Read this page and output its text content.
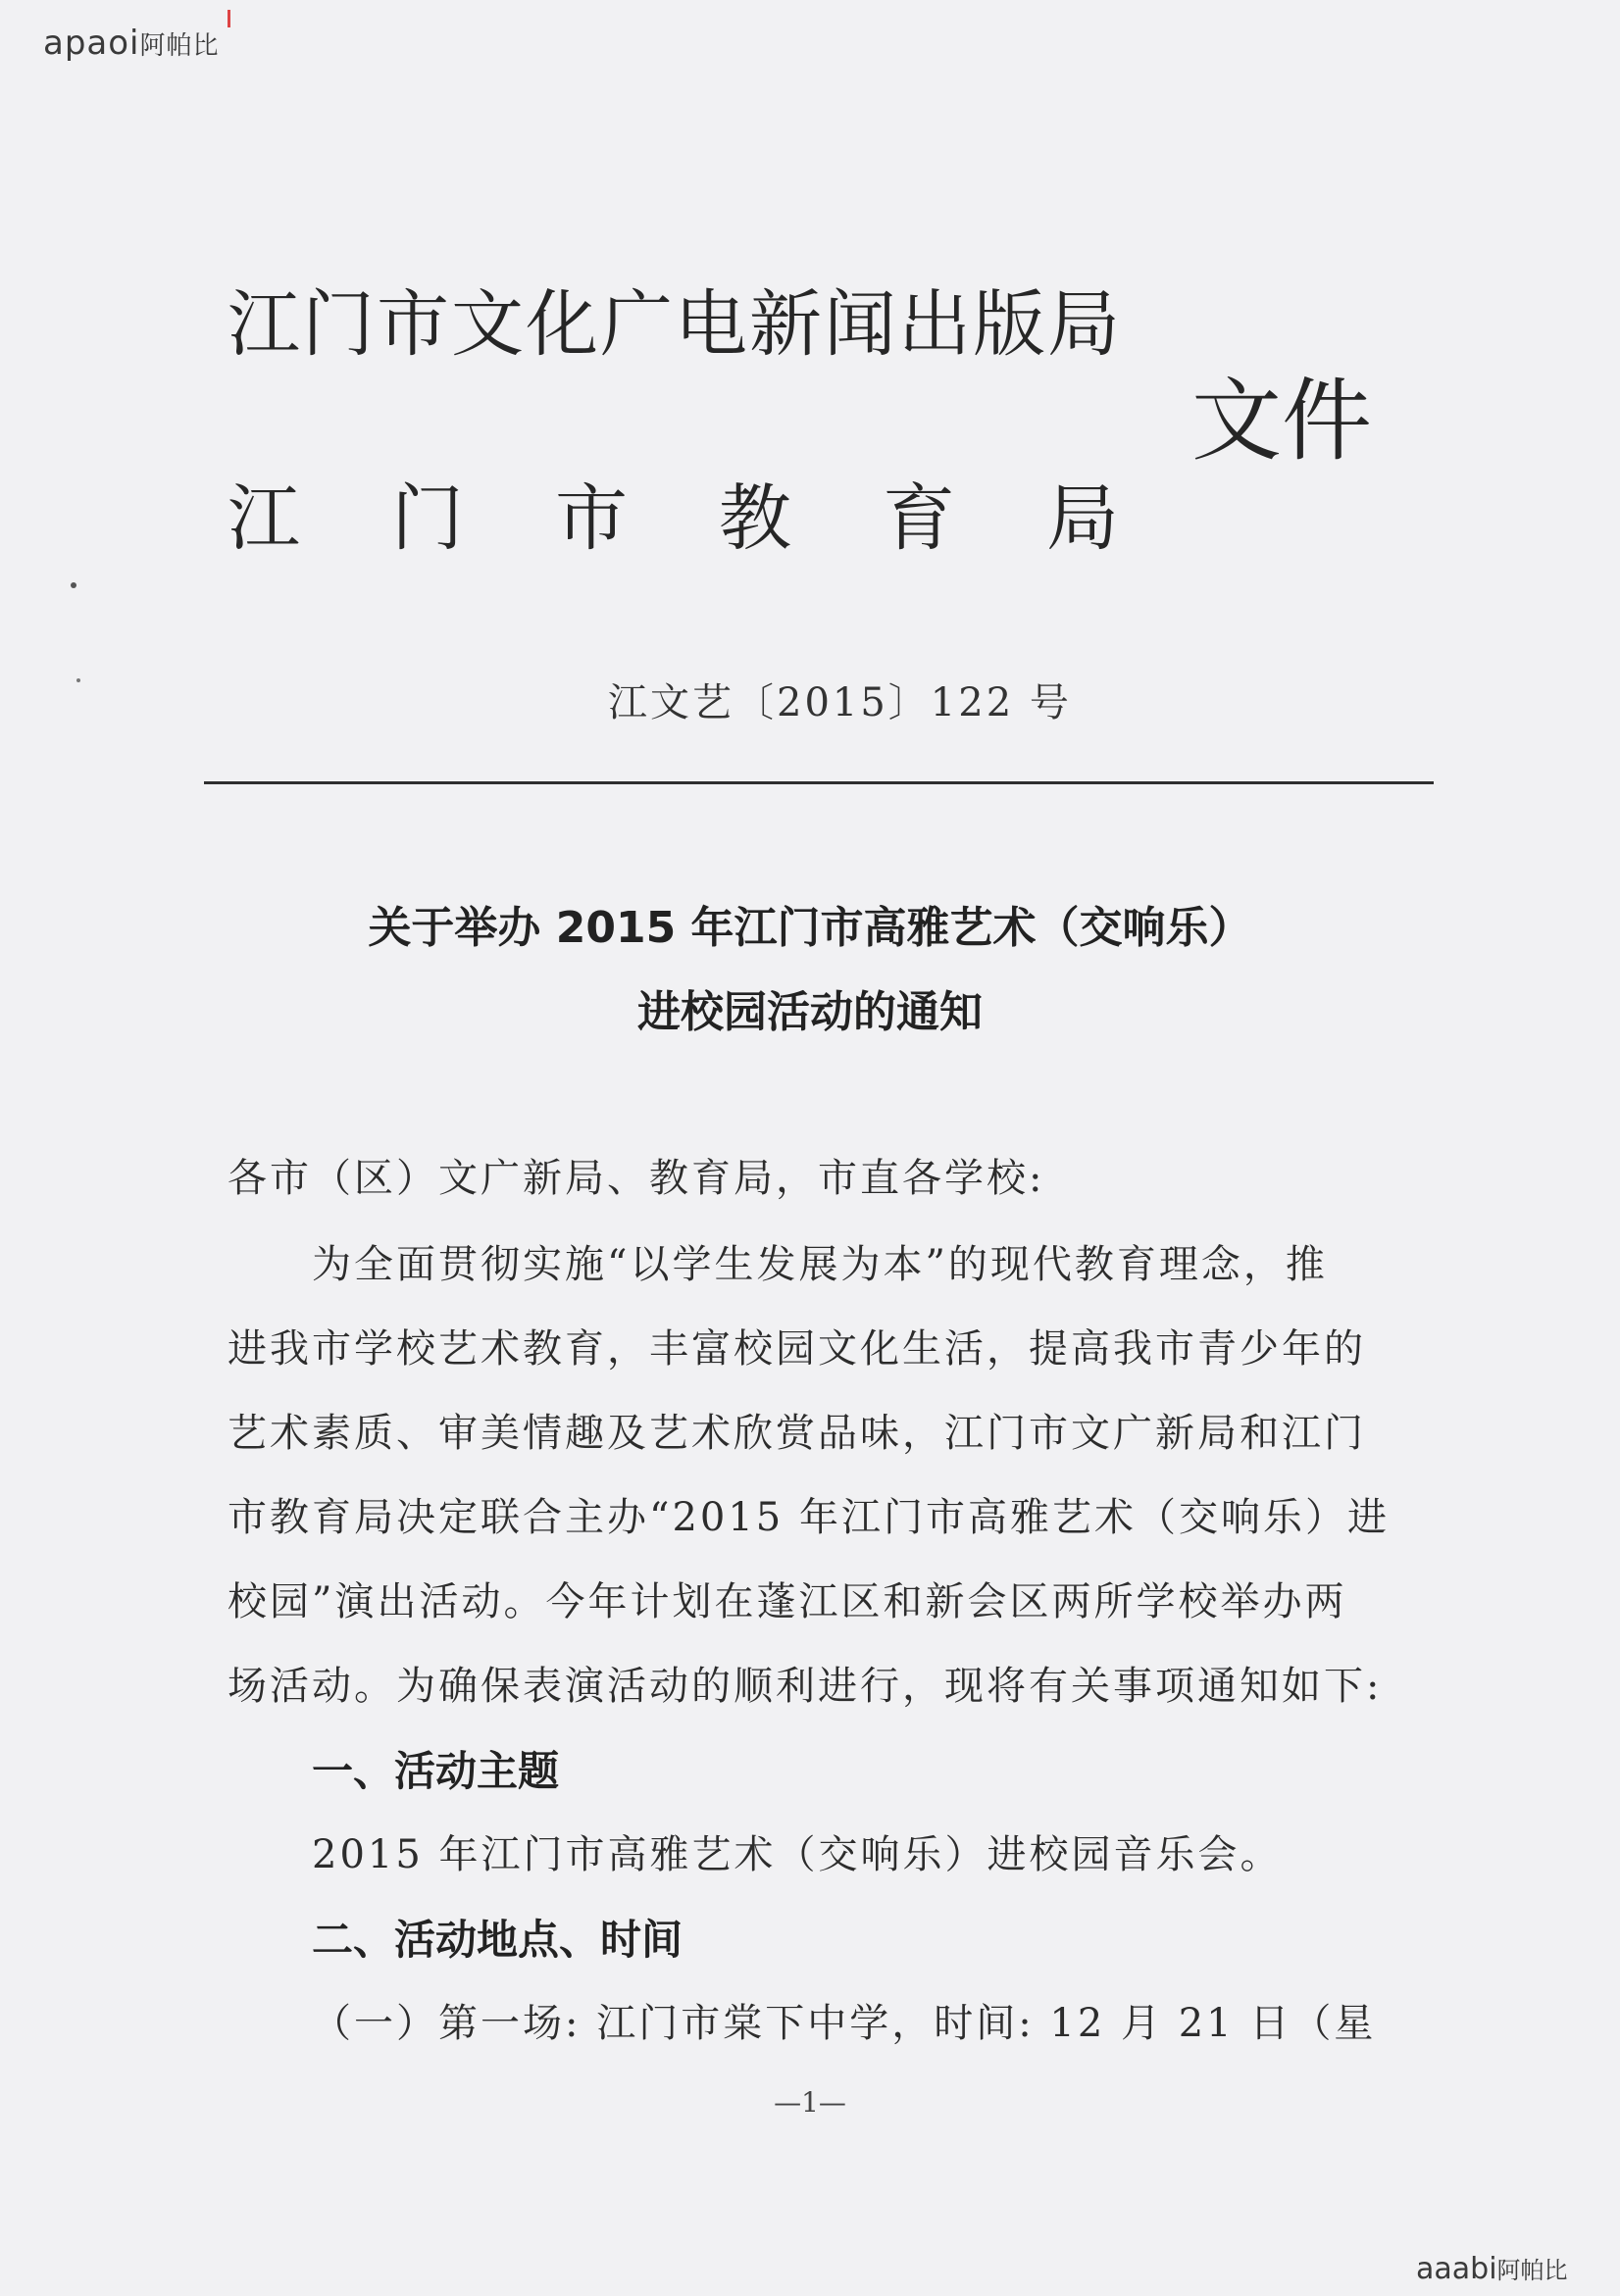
apaoi阿帕比
江门市文化广电新闻出版局
江门市教育局
文件
江文艺〔2015〕122 号
关于举办 2015 年江门市高雅艺术（交响乐）
进校园活动的通知
各市（区）文广新局、教育局，市直各学校:
为全面贯彻实施“以学生发展为本”的现代教育理念，推
进我市学校艺术教育，丰富校园文化生活，提高我市青少年的
艺术素质、审美情趣及艺术欣赏品味，江门市文广新局和江门
市教育局决定联合主办“2015 年江门市高雅艺术（交响乐）进
校园”演出活动。今年计划在蓬江区和新会区两所学校举办两
场活动。为确保表演活动的顺利进行，现将有关事项通知如下:
一、活动主题
2015 年江门市高雅艺术（交响乐）进校园音乐会。
二、活动地点、时间
（一）第一场: 江门市棠下中学，时间: 12 月 21 日（星
—1—
aaabi阿帕比
